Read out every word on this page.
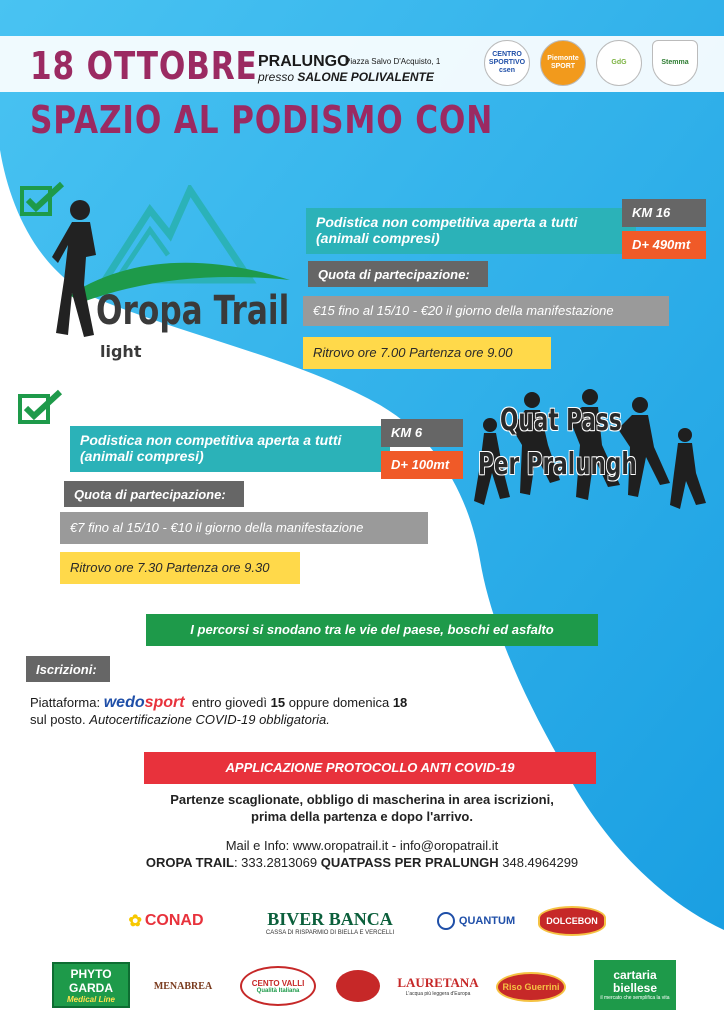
18 OTTOBRE
SPAZIO AL PODISMO CON
PRALUNGO
Piazza Salvo D'Acquisto, 1
presso SALONE POLIVALENTE
CENTRO SPORTIVO csen
Piemonte SPORT
GdG	Stemma
Oropa Trail
light
Podistica non competitiva aperta a tutti (animali compresi)
KM 16
D+ 490mt
Quota di partecipazione:
€15 fino al 15/10 - €20 il giorno della manifestazione
Ritrovo ore 7.00 Partenza ore 9.00
Podistica non competitiva aperta a tutti (animali compresi)
KM 6
D+ 100mt
Quota di partecipazione:
€7 fino al 15/10 - €10 il giorno della manifestazione
Ritrovo ore 7.30 Partenza ore 9.30
Quat Pass
Per Pralungh
I percorsi si snodano tra le vie del paese, boschi ed asfalto
Iscrizioni:
Piattaforma: wedosport entro giovedì 15 oppure domenica 18
sul posto. Autocertificazione COVID-19 obbligatoria.
APPLICAZIONE PROTOCOLLO ANTI COVID-19
Partenze scaglionate, obbligo di mascherina in area iscrizioni,
prima della partenza e dopo l'arrivo.
Mail e Info: www.oropatrail.it - info@oropatrail.it
OROPA TRAIL: 333.2813069 QUATPASS PER PRALUNGH 348.4964299
✿ CONAD	BIVER BANCA
CASSA DI RISPARMIO DI BIELLA E VERCELLI
QUANTUM	DOLCEBON
PHYTO GARDA
Medical Line
MENABREA	CENTO VALLI
Qualità Italiana
LAURETANA
L'acqua più leggera d'Europa
Riso Guerrini
cartaria biellese
il mercato che semplifica la vita
